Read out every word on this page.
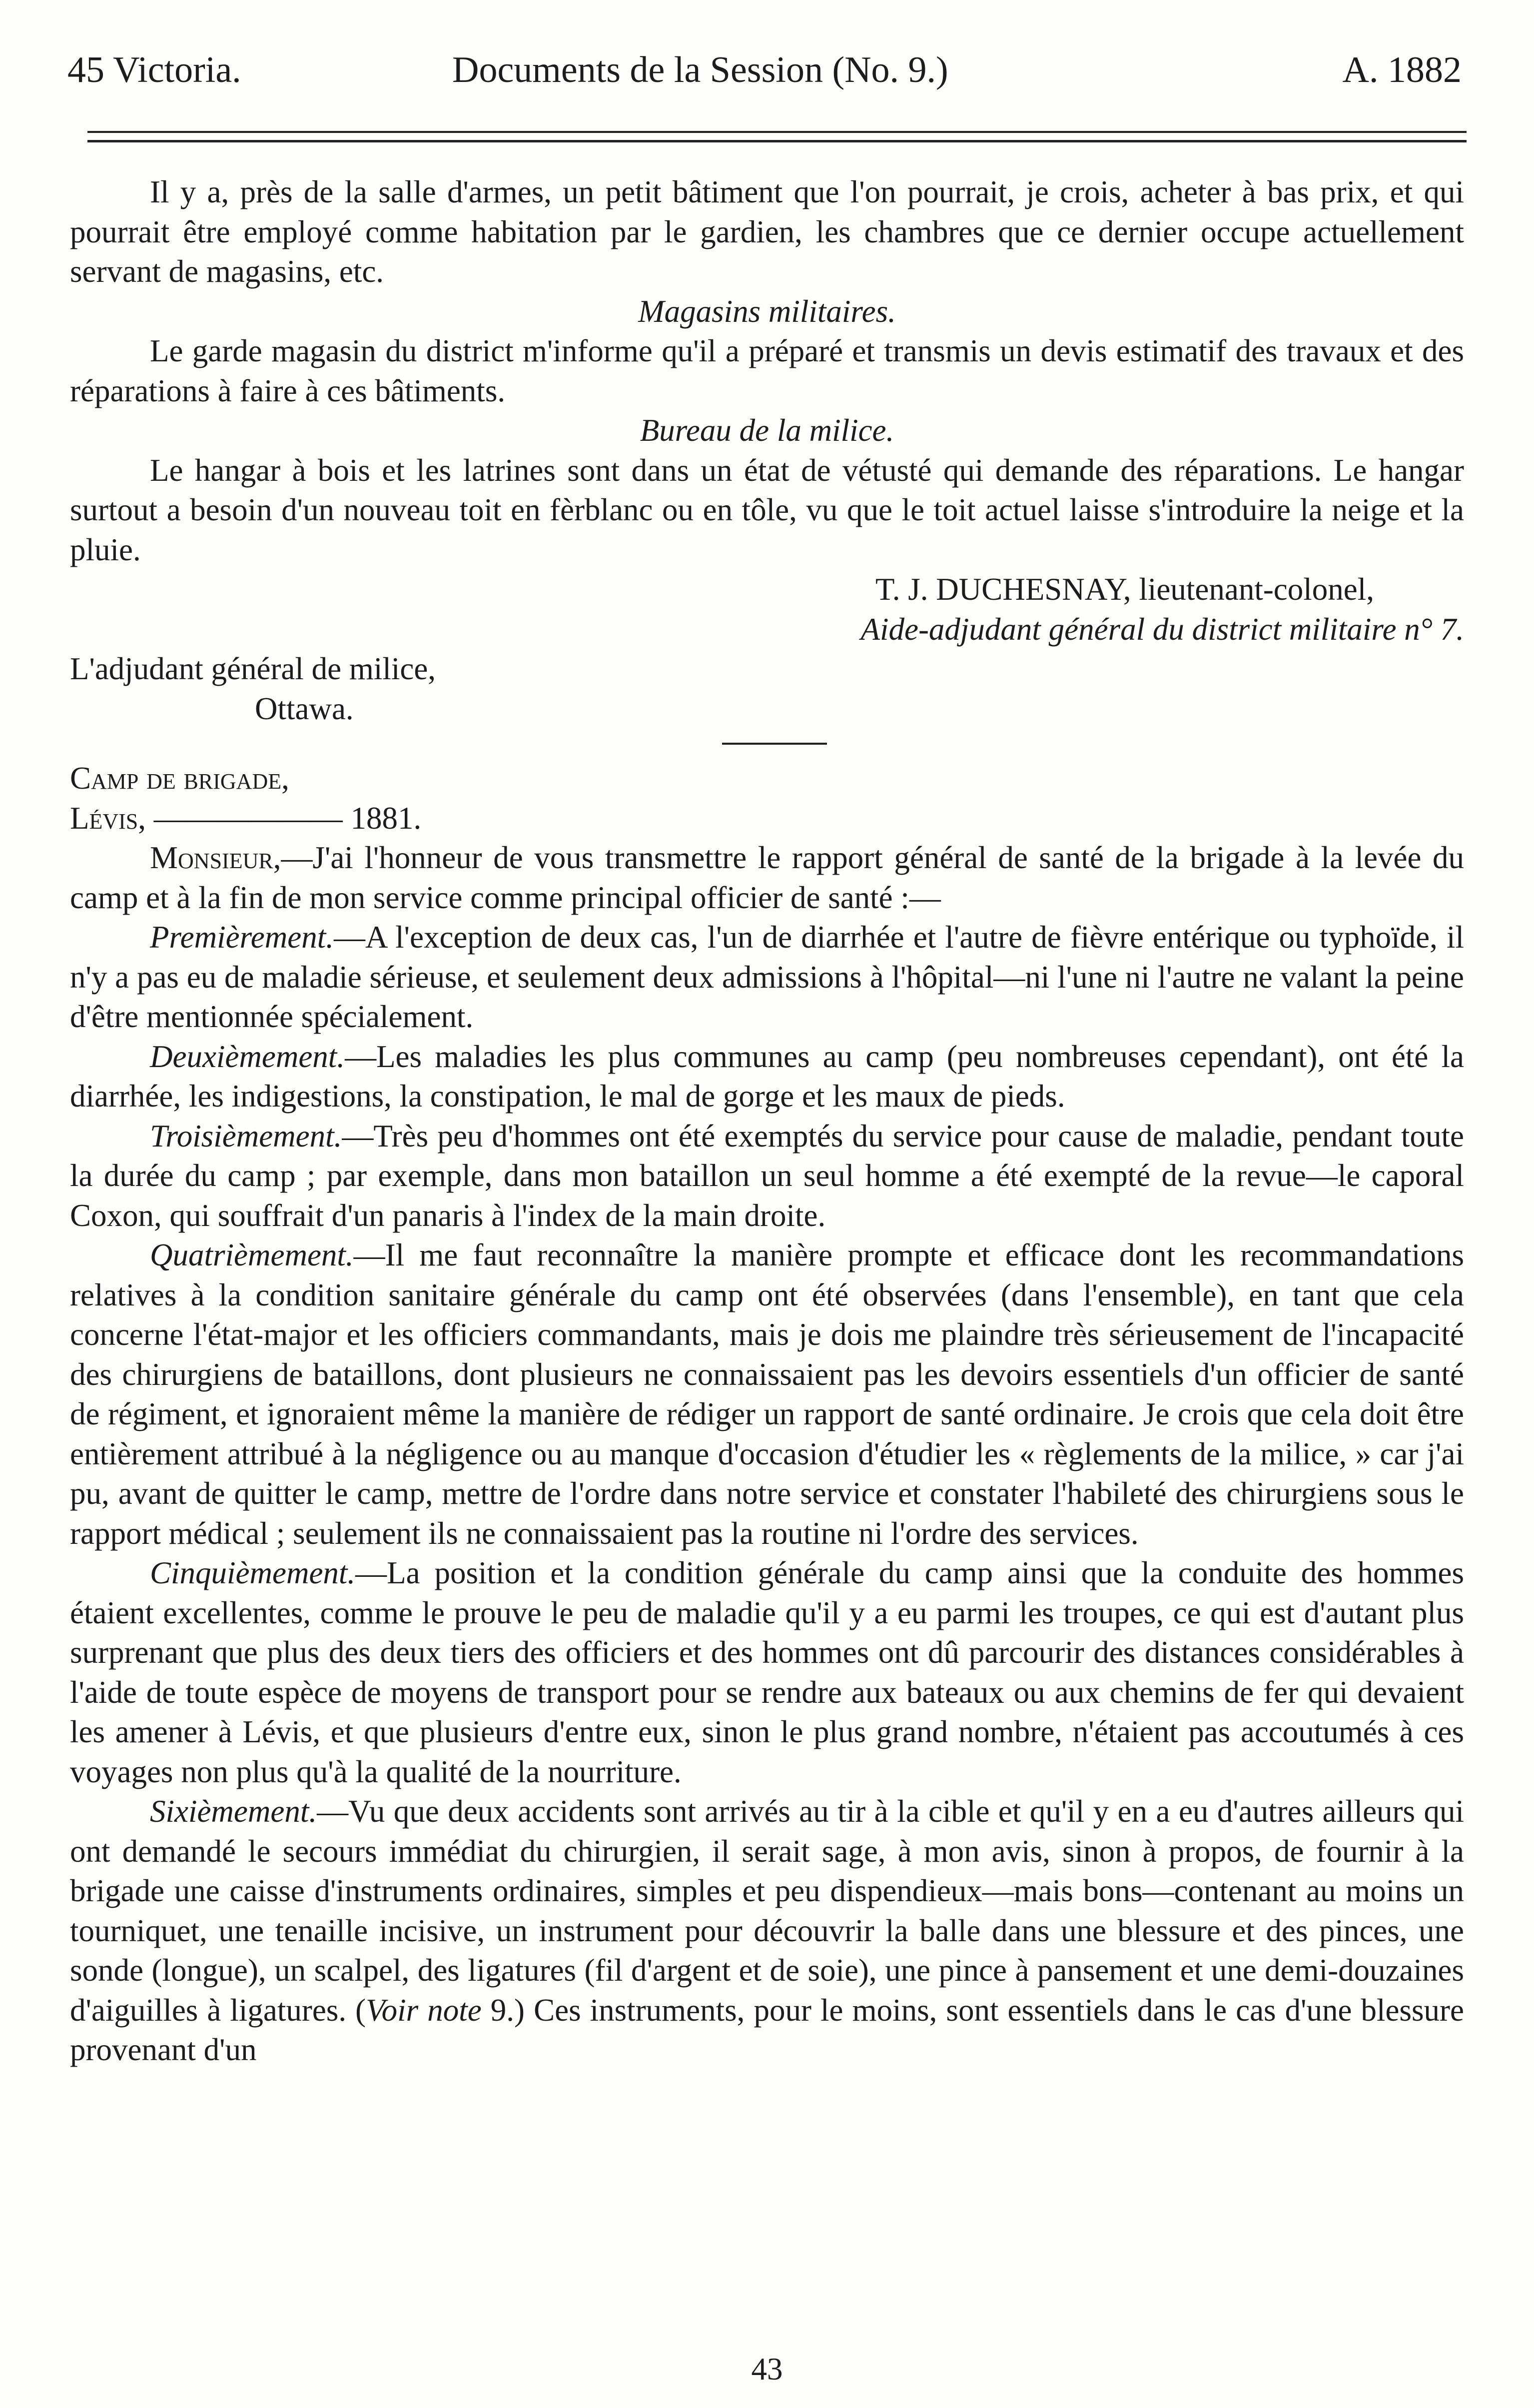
45 Victoria.	Documents de la Session (No. 9.)	A. 1882

Il y a, près de la salle d'armes, un petit bâtiment que l'on pourrait, je crois, acheter à bas prix, et qui pourrait être employé comme habitation par le gardien, les chambres que ce dernier occupe actuellement servant de magasins, etc.

Magasins militaires.

Le garde magasin du district m'informe qu'il a préparé et transmis un devis estimatif des travaux et des réparations à faire à ces bâtiments.

Bureau de la milice.

Le hangar à bois et les latrines sont dans un état de vétusté qui demande des réparations. Le hangar surtout a besoin d'un nouveau toit en fèrblanc ou en tôle, vu que le toit actuel laisse s'introduire la neige et la pluie.

T. J. DUCHESNAY, lieutenant-colonel,

Aide-adjudant général du district militaire n° 7.

L'adjudant général de milice,

Ottawa.

Camp de brigade,

Lévis, —————— 1881.

Monsieur,—J'ai l'honneur de vous transmettre le rapport général de santé de la brigade à la levée du camp et à la fin de mon service comme principal officier de santé :—

Premièrement.—A l'exception de deux cas, l'un de diarrhée et l'autre de fièvre entérique ou typhoïde, il n'y a pas eu de maladie sérieuse, et seulement deux admissions à l'hôpital—ni l'une ni l'autre ne valant la peine d'être mentionnée spécialement.

Deuxièmement.—Les maladies les plus communes au camp (peu nombreuses cependant), ont été la diarrhée, les indigestions, la constipation, le mal de gorge et les maux de pieds.

Troisièmement.—Très peu d'hommes ont été exemptés du service pour cause de maladie, pendant toute la durée du camp ; par exemple, dans mon bataillon un seul homme a été exempté de la revue—le caporal Coxon, qui souffrait d'un panaris à l'index de la main droite.

Quatrièmement.—Il me faut reconnaître la manière prompte et efficace dont les recommandations relatives à la condition sanitaire générale du camp ont été observées (dans l'ensemble), en tant que cela concerne l'état-major et les officiers commandants, mais je dois me plaindre très sérieusement de l'incapacité des chirurgiens de bataillons, dont plusieurs ne connaissaient pas les devoirs essentiels d'un officier de santé de régiment, et ignoraient même la manière de rédiger un rapport de santé ordinaire. Je crois que cela doit être entièrement attribué à la négligence ou au manque d'occasion d'étudier les « règlements de la milice, » car j'ai pu, avant de quitter le camp, mettre de l'ordre dans notre service et constater l'habileté des chirurgiens sous le rapport médical ; seulement ils ne connaissaient pas la routine ni l'ordre des services.

Cinquièmement.—La position et la condition générale du camp ainsi que la conduite des hommes étaient excellentes, comme le prouve le peu de maladie qu'il y a eu parmi les troupes, ce qui est d'autant plus surprenant que plus des deux tiers des officiers et des hommes ont dû parcourir des distances considérables à l'aide de toute espèce de moyens de transport pour se rendre aux bateaux ou aux chemins de fer qui devaient les amener à Lévis, et que plusieurs d'entre eux, sinon le plus grand nombre, n'étaient pas accoutumés à ces voyages non plus qu'à la qualité de la nourriture.

Sixièmement.—Vu que deux accidents sont arrivés au tir à la cible et qu'il y en a eu d'autres ailleurs qui ont demandé le secours immédiat du chirurgien, il serait sage, à mon avis, sinon à propos, de fournir à la brigade une caisse d'instruments ordinaires, simples et peu dispendieux—mais bons—contenant au moins un tourniquet, une tenaille incisive, un instrument pour découvrir la balle dans une blessure et des pinces, une sonde (longue), un scalpel, des ligatures (fil d'argent et de soie), une pince à pansement et une demi-douzaines d'aiguilles à ligatures. (Voir note 9.) Ces instruments, pour le moins, sont essentiels dans le cas d'une blessure provenant d'un

43
